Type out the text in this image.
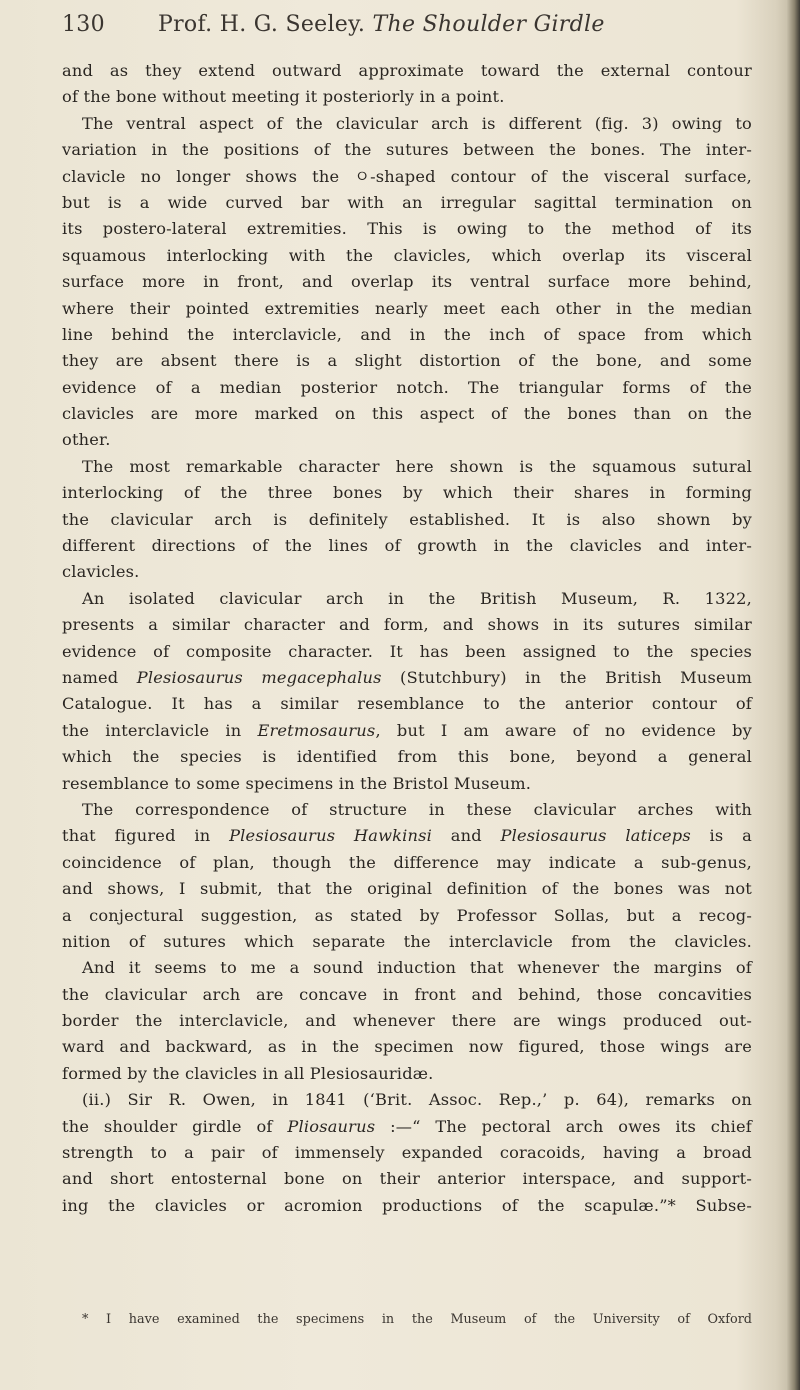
130 Prof. H. G. Seeley. The Shoulder Girdle
and as they extend outward approximate toward the external contour
of the bone without meeting it posteriorly in a point.
The ventral aspect of the clavicular arch is different (fig. 3) owing to
variation in the positions of the sutures between the bones. The inter-
clavicle no longer shows the ㅇ-shaped contour of the visceral surface,
but is a wide curved bar with an irregular sagittal termination on
its postero-lateral extremities. This is owing to the method of its
squamous interlocking with the clavicles, which overlap its visceral
surface more in front, and overlap its ventral surface more behind,
where their pointed extremities nearly meet each other in the median
line behind the interclavicle, and in the inch of space from which
they are absent there is a slight distortion of the bone, and some
evidence of a median posterior notch. The triangular forms of the
clavicles are more marked on this aspect of the bones than on the
other.
The most remarkable character here shown is the squamous sutural
interlocking of the three bones by which their shares in forming
the clavicular arch is definitely established. It is also shown by
different directions of the lines of growth in the clavicles and inter-
clavicles.
An isolated clavicular arch in the British Museum, R. 1322,
presents a similar character and form, and shows in its sutures similar
evidence of composite character. It has been assigned to the species
named Plesiosaurus megacephalus (Stutchbury) in the British Museum
Catalogue. It has a similar resemblance to the anterior contour of
the interclavicle in Eretmosaurus, but I am aware of no evidence by
which the species is identified from this bone, beyond a general
resemblance to some specimens in the Bristol Museum.
The correspondence of structure in these clavicular arches with
that figured in Plesiosaurus Hawkinsi and Plesiosaurus laticeps is a
coincidence of plan, though the difference may indicate a sub-genus,
and shows, I submit, that the original definition of the bones was not
a conjectural suggestion, as stated by Professor Sollas, but a recog-
nition of sutures which separate the interclavicle from the clavicles.
And it seems to me a sound induction that whenever the margins of
the clavicular arch are concave in front and behind, those concavities
border the interclavicle, and whenever there are wings produced out-
ward and backward, as in the specimen now figured, those wings are
formed by the clavicles in all Plesiosauridæ.
(ii.) Sir R. Owen, in 1841 (‘Brit. Assoc. Rep.,’ p. 64), remarks on
the shoulder girdle of Pliosaurus :—“ The pectoral arch owes its chief
strength to a pair of immensely expanded coracoids, having a broad
and short entosternal bone on their anterior interspace, and support-
ing the clavicles or acromion productions of the scapulæ.”* Subse-
* I have examined the specimens in the Museum of the University of Oxford
